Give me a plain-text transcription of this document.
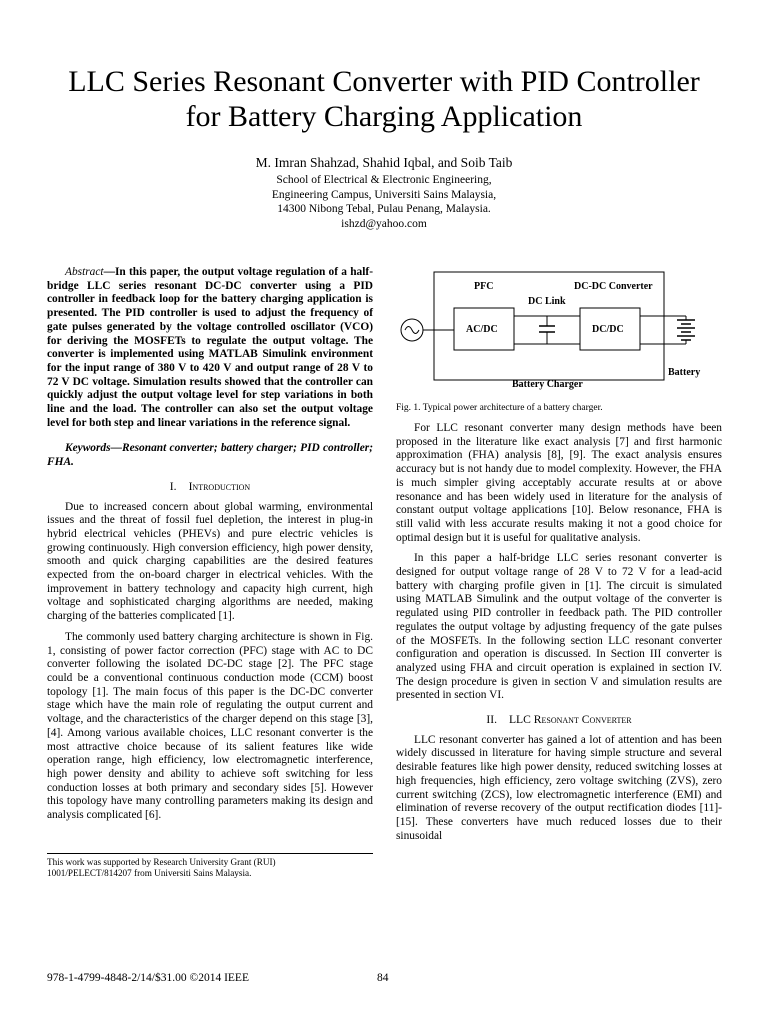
LLC Series Resonant Converter with PID Controller
for Battery Charging Application
M. Imran Shahzad, Shahid Iqbal, and Soib Taib
School of Electrical & Electronic Engineering,
Engineering Campus, Universiti Sains Malaysia,
14300 Nibong Tebal, Pulau Penang, Malaysia.
ishzd@yahoo.com

Abstract—In this paper, the output voltage regulation of a half-bridge LLC series resonant DC-DC converter using a PID controller in feedback loop for the battery charging application is presented. The PID controller is used to adjust the frequency of gate pulses generated by the voltage controlled oscillator (VCO) for deriving the MOSFETs to regulate the output voltage. The converter is implemented using MATLAB Simulink environment for the input range of 380 V to 420 V and output range of 28 V to 72 V DC voltage. Simulation results showed that the controller can quickly adjust the output voltage level for step variations in both line and the load. The controller can also set the output voltage level for both step and linear variations in the reference signal.

Keywords—Resonant converter; battery charger; PID controller; FHA.

I. Introduction

Due to increased concern about global warming, environmental issues and the threat of fossil fuel depletion, the interest in plug-in hybrid electrical vehicles (PHEVs) and pure electric vehicles is growing continuously. High conversion efficiency, high power density, smooth and quick charging capabilities are the desired features expected from the on-board charger in electrical vehicles. With the improvement in battery technology and capacity high current, high voltage and sophisticated charging algorithms are needed, making charging of the batteries complicated [1].

The commonly used battery charging architecture is shown in Fig. 1, consisting of power factor correction (PFC) stage with AC to DC converter following the isolated DC-DC stage [2]. The PFC stage could be a conventional continuous conduction mode (CCM) boost topology [1]. The main focus of this paper is the DC-DC converter stage which have the main role of regulating the output current and voltage, and the characteristics of the charger depend on this stage [3], [4]. Among various available choices, LLC resonant converter is the most attractive choice because of its salient features like wide operation range, high efficiency, low electromagnetic interference, high power density and ability to achieve soft switching for less conduction losses at both primary and secondary sides [5]. However this topology have many controlling parameters making its design and analysis complicated [6].

PFC	DC-DC Converter
DC Link
AC/DC	DC/DC
Battery
Battery Charger

Fig. 1. Typical power architecture of a battery charger.

For LLC resonant converter many design methods have been proposed in the literature like exact analysis [7] and first harmonic approximation (FHA) analysis [8], [9]. The exact analysis ensures accuracy but is not handy due to model complexity. However, the FHA is much simpler giving acceptably accurate results at or above resonance and has been widely used in literature for the analysis of constant output voltage applications [10]. Below resonance, FHA is still valid with less accurate results making it not a good choice for optimal design but it is useful for qualitative analysis.

In this paper a half-bridge LLC series resonant converter is designed for output voltage range of 28 V to 72 V for a lead-acid battery with charging profile given in [1]. The circuit is simulated using MATLAB Simulink and the output voltage of the converter is regulated using PID controller in feedback path. The PID controller regulates the output voltage by adjusting frequency of the gate pulses of the MOSFETs. In the following section LLC resonant converter configuration and operation is discussed. In Section III converter is analyzed using FHA and circuit operation is explained in section IV. The design procedure is given in section V and simulation results are presented in section VI.

II. LLC Resonant Converter

LLC resonant converter has gained a lot of attention and has been widely discussed in literature for having simple structure and several desirable features like high power density, reduced switching losses at high frequencies, high efficiency, zero voltage switching (ZVS), zero current switching (ZCS), low electromagnetic interference (EMI) and elimination of reverse recovery of the output rectification diodes [11]-[15]. These converters have much reduced losses due to their sinusoidal

This work was supported by Research University Grant (RUI)
1001/PELECT/814207 from Universiti Sains Malaysia.
978-1-4799-4848-2/14/$31.00 ©2014 IEEE	84
